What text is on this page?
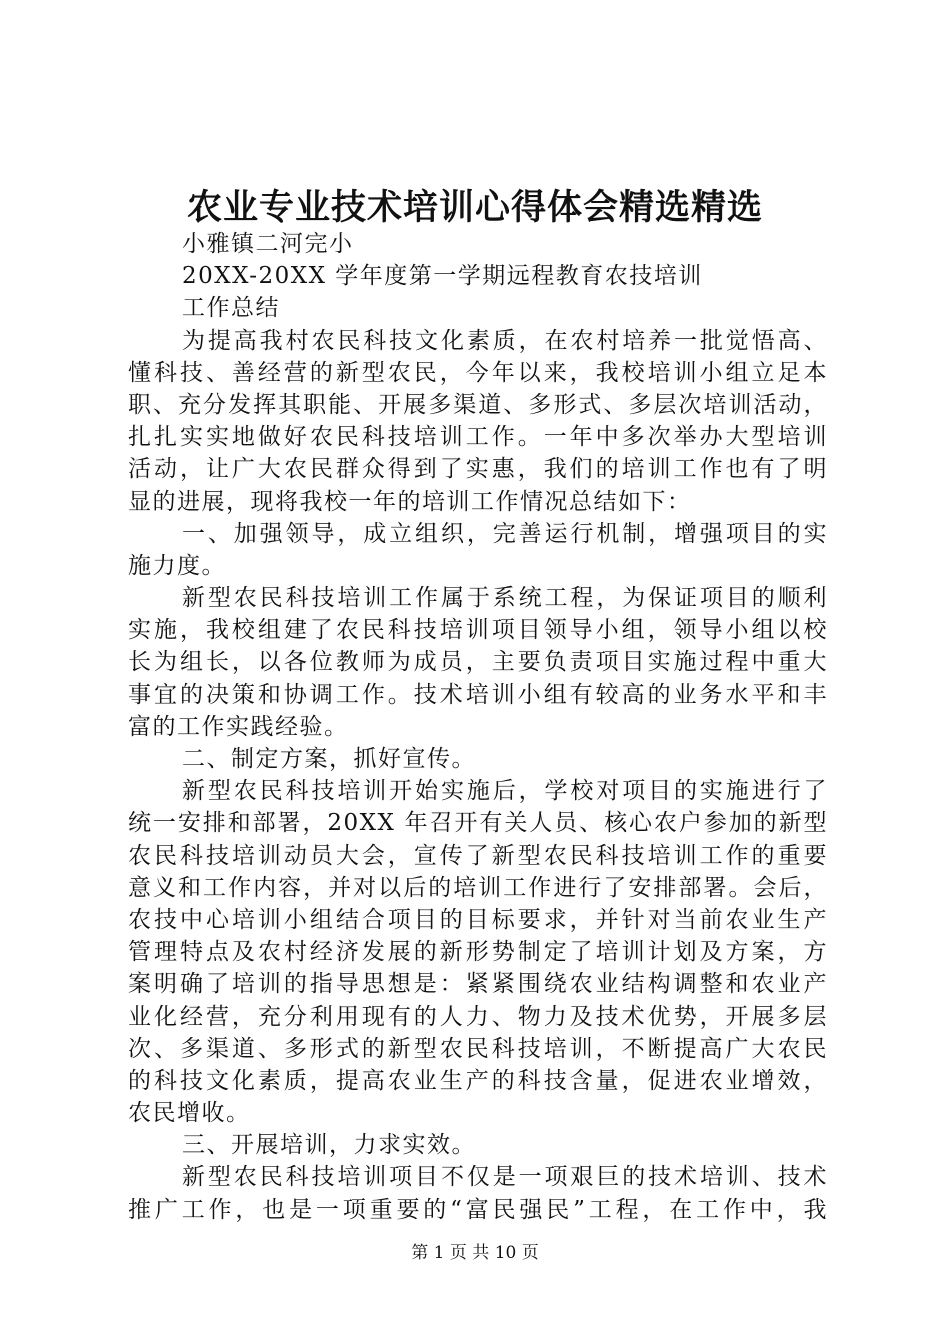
农业专业技术培训心得体会精选精选
小雅镇二河完小
20XX-20XX 学年度第一学期远程教育农技培训
工作总结
为提高我村农民科技文化素质，在农村培养一批觉悟高、
懂科技、善经营的新型农民，今年以来，我校培训小组立足本
职、充分发挥其职能、开展多渠道、多形式、多层次培训活动，
扎扎实实地做好农民科技培训工作。一年中多次举办大型培训
活动，让广大农民群众得到了实惠，我们的培训工作也有了明
显的进展，现将我校一年的培训工作情况总结如下：
一、加强领导，成立组织，完善运行机制，增强项目的实
施力度。
新型农民科技培训工作属于系统工程，为保证项目的顺利
实施，我校组建了农民科技培训项目领导小组，领导小组以校
长为组长，以各位教师为成员，主要负责项目实施过程中重大
事宜的决策和协调工作。技术培训小组有较高的业务水平和丰
富的工作实践经验。
二、制定方案，抓好宣传。
新型农民科技培训开始实施后，学校对项目的实施进行了
统一安排和部署，20XX 年召开有关人员、核心农户参加的新型
农民科技培训动员大会，宣传了新型农民科技培训工作的重要
意义和工作内容，并对以后的培训工作进行了安排部署。会后，
农技中心培训小组结合项目的目标要求，并针对当前农业生产
管理特点及农村经济发展的新形势制定了培训计划及方案，方
案明确了培训的指导思想是：紧紧围绕农业结构调整和农业产
业化经营，充分利用现有的人力、物力及技术优势，开展多层
次、多渠道、多形式的新型农民科技培训，不断提高广大农民
的科技文化素质，提高农业生产的科技含量，促进农业增效，
农民增收。
三、开展培训，力求实效。
新型农民科技培训项目不仅是一项艰巨的技术培训、技术
推广工作，也是一项重要的“富民强民”工程，在工作中，我
第 1 页 共 10 页
